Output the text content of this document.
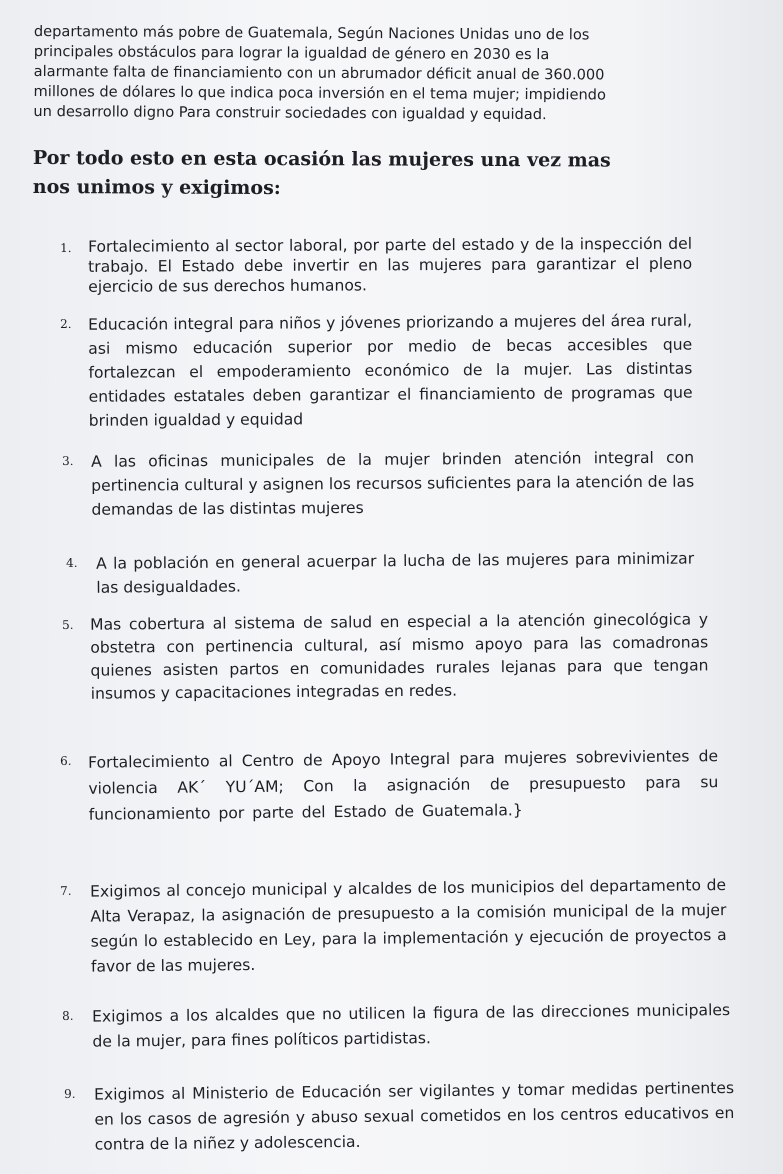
departamento más pobre de Guatemala, Según Naciones Unidas uno de los

principales obstáculos para lograr la igualdad de género en 2030 es la

alarmante falta de financiamiento con un abrumador déficit anual de 360.000

millones de dólares lo que indica poca inversión en el tema mujer; impidiendo

un desarrollo digno Para construir sociedades con igualdad y equidad.

Por todo esto en esta ocasión las mujeres una vez mas
nos unimos y exigimos:
1. Fortalecimiento al sector laboral, por parte del estado y de la inspección del trabajo. El Estado debe invertir en las mujeres para garantizar el pleno ejercicio de sus derechos humanos.
2. Educación integral para niños y jóvenes priorizando a mujeres del área rural, asi mismo educación superior por medio de becas accesibles que fortalezcan el empoderamiento económico de la mujer. Las distintas entidades estatales deben garantizar el financiamiento de programas que brinden igualdad y equidad
3. A las oficinas municipales de la mujer brinden atención integral con pertinencia cultural y asignen los recursos suficientes para la atención de las demandas de las distintas mujeres
4. A la población en general acuerpar la lucha de las mujeres para minimizar las desigualdades.
5. Mas cobertura al sistema de salud en especial a la atención ginecológica y obstetra con pertinencia cultural, así mismo apoyo para las comadronas quienes asisten partos en comunidades rurales lejanas para que tengan insumos y capacitaciones integradas en redes.
6. Fortalecimiento al Centro de Apoyo Integral para mujeres sobrevivientes de violencia AK´ YU´AM; Con la asignación de presupuesto para su funcionamiento por parte del Estado de Guatemala.}
7. Exigimos al concejo municipal y alcaldes de los municipios del departamento de Alta Verapaz, la asignación de presupuesto a la comisión municipal de la mujer según lo establecido en Ley, para la implementación y ejecución de proyectos a favor de las mujeres.
8. Exigimos a los alcaldes que no utilicen la figura de las direcciones municipales de la mujer, para fines políticos partidistas.
9. Exigimos al Ministerio de Educación ser vigilantes y tomar medidas pertinentes en los casos de agresión y abuso sexual cometidos en los centros educativos en contra de la niñez y adolescencia.
